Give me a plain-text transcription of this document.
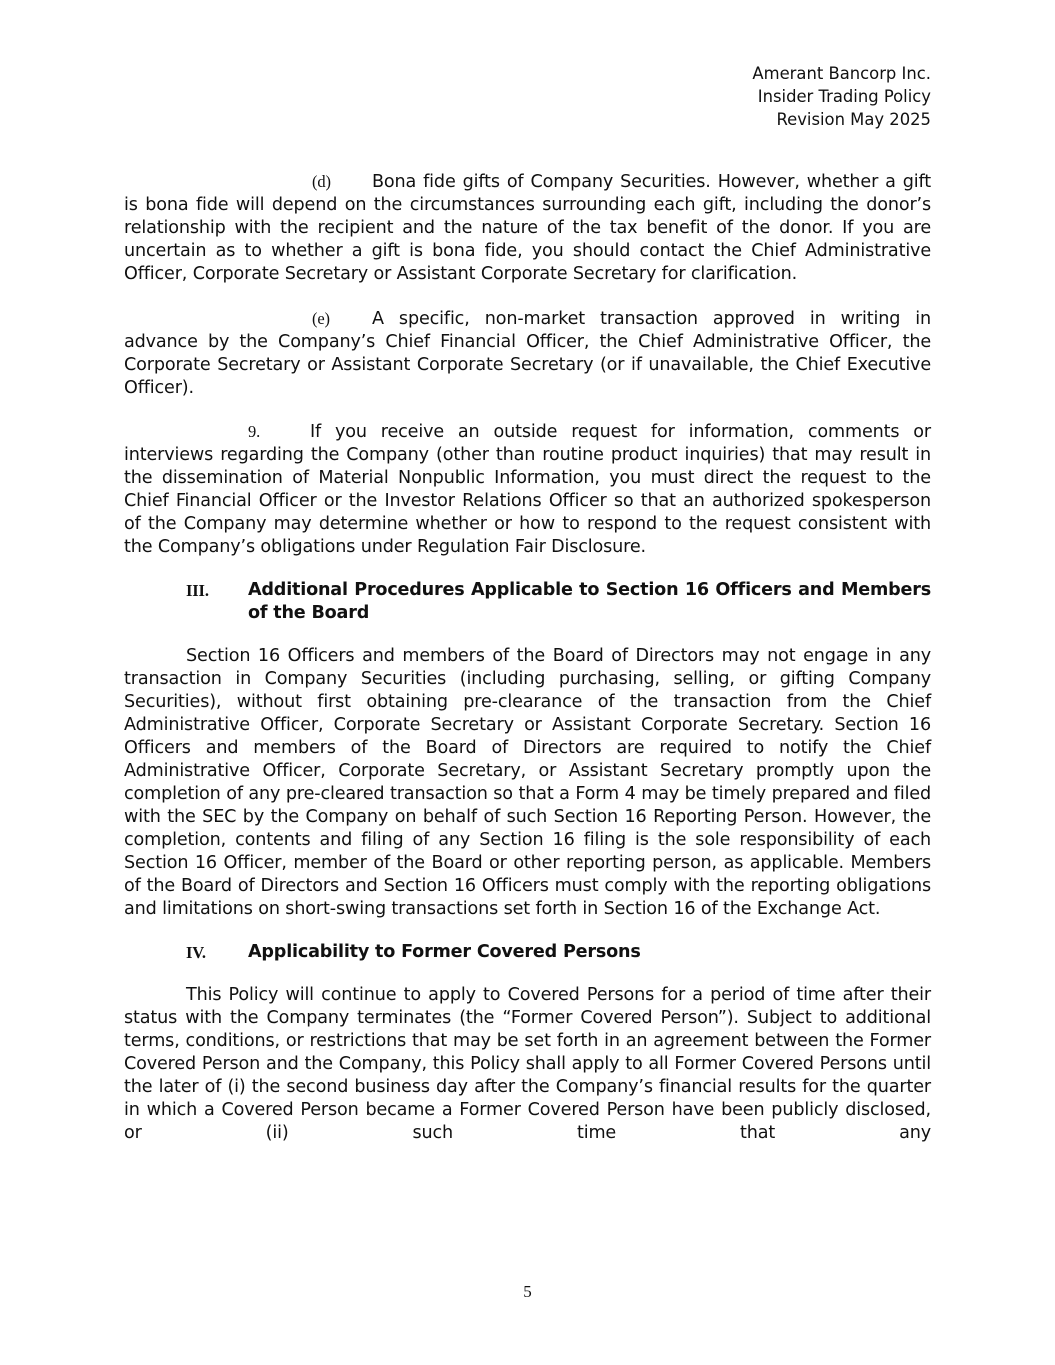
Amerant Bancorp Inc.
Insider Trading Policy
Revision May 2025

(d) Bona fide gifts of Company Securities. However, whether a gift is bona fide will depend on the circumstances surrounding each gift, including the donor’s relationship with the recipient and the nature of the tax benefit of the donor. If you are uncertain as to whether a gift is bona fide, you should contact the Chief Administrative Officer, Corporate Secretary or Assistant Corporate Secretary for clarification.

(e) A specific, non-market transaction approved in writing in advance by the Company’s Chief Financial Officer, the Chief Administrative Officer, the Corporate Secretary or Assistant Corporate Secretary (or if unavailable, the Chief Executive Officer).

9.	If you receive an outside request for information, comments or interviews regarding the Company (other than routine product inquiries) that may result in the dissemination of Material Nonpublic Information, you must direct the request to the Chief Financial Officer or the Investor Relations Officer so that an authorized spokesperson of the Company may determine whether or how to respond to the request consistent with the Company’s obligations under Regulation Fair Disclosure.

III.	Additional Procedures Applicable to Section 16 Officers and Members of the Board

Section 16 Officers and members of the Board of Directors may not engage in any transaction in Company Securities (including purchasing, selling, or gifting Company Securities), without first obtaining pre-clearance of the transaction from the Chief Administrative Officer, Corporate Secretary or Assistant Corporate Secretary. Section 16 Officers and members of the Board of Directors are required to notify the Chief Administrative Officer, Corporate Secretary, or Assistant Secretary promptly upon the completion of any pre-cleared transaction so that a Form 4 may be timely prepared and filed with the SEC by the Company on behalf of such Section 16 Reporting Person. However, the completion, contents and filing of any Section 16 filing is the sole responsibility of each Section 16 Officer, member of the Board or other reporting person, as applicable. Members of the Board of Directors and Section 16 Officers must comply with the reporting obligations and limitations on short-swing transactions set forth in Section 16 of the Exchange Act.

IV.	Applicability to Former Covered Persons

This Policy will continue to apply to Covered Persons for a period of time after their status with the Company terminates (the “Former Covered Person”). Subject to additional terms, conditions, or restrictions that may be set forth in an agreement between the Former Covered Person and the Company, this Policy shall apply to all Former Covered Persons until the later of (i) the second business day after the Company’s financial results for the quarter in which a Covered Person became a Former Covered Person have been publicly disclosed, or (ii) such time that any

5
